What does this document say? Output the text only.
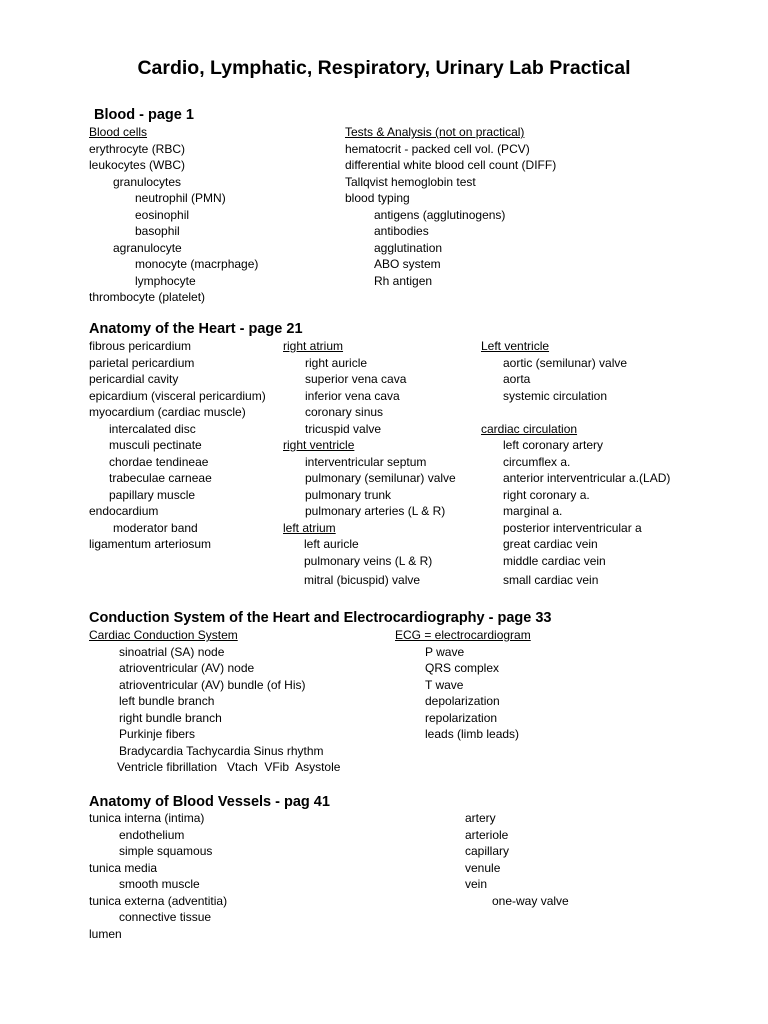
Cardio, Lymphatic, Respiratory, Urinary Lab Practical
Blood - page 1
Blood cells
erythrocyte (RBC)
leukocytes (WBC)
granulocytes
neutrophil (PMN)
eosinophil
basophil
agranulocyte
monocyte (macrphage)
lymphocyte
thrombocyte (platelet)
Tests & Analysis (not on practical)
hematocrit - packed cell vol. (PCV)
differential white blood cell count (DIFF)
Tallqvist hemoglobin test
blood typing
antigens (agglutinogens)
antibodies
agglutination
ABO system
Rh antigen
Anatomy of the Heart - page 21
fibrous pericardium
parietal pericardium
pericardial cavity
epicardium (visceral pericardium)
myocardium (cardiac muscle)
intercalated disc
musculi pectinate
chordae tendineae
trabeculae carneae
papillary muscle
endocardium
moderator band
ligamentum arteriosum
right atrium
right auricle
superior vena cava
inferior vena cava
coronary sinus
tricuspid valve
right ventricle
interventricular septum
pulmonary (semilunar) valve
pulmonary trunk
pulmonary arteries (L & R)
left atrium
left auricle
pulmonary veins (L & R)
mitral (bicuspid) valve
Left ventricle
aortic (semilunar) valve
aorta
systemic circulation
cardiac circulation
left coronary artery
circumflex a.
anterior interventricular a.(LAD)
right coronary a.
marginal a.
posterior interventricular a
great cardiac vein
middle cardiac vein
small cardiac vein
Conduction System of the Heart and Electrocardiography - page 33
Cardiac Conduction System
sinoatrial (SA) node
atrioventricular (AV) node
atrioventricular (AV) bundle (of His)
left bundle branch
right bundle branch
Purkinje fibers
Bradycardia Tachycardia Sinus rhythm
Ventricle fibrillation   Vtach  VFib  Asystole
ECG = electrocardiogram
P wave
QRS complex
T wave
depolarization
repolarization
leads (limb leads)
Anatomy of Blood Vessels - pag 41
tunica interna (intima)
endothelium
simple squamous
tunica media
smooth muscle
tunica externa (adventitia)
connective tissue
lumen
artery
arteriole
capillary
venule
vein
one-way valve
